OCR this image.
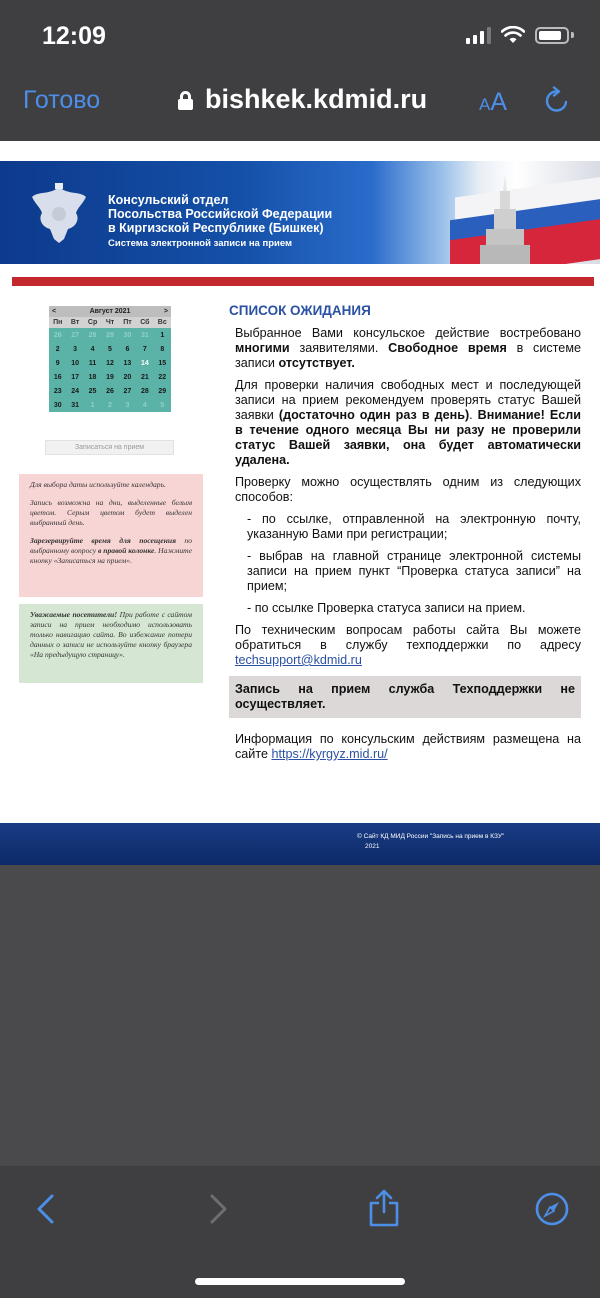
12:09
Готово	bishkek.kdmid.ru	AA
Консульский отдел
Посольства Российской Федерации
в Киргизской Республике (Бишкек)
Система электронной записи на прием
<	Август 2021	>
Пн	Вт	Ср	Чт	Пт	Сб	Вс
26	27	28	29	30	31	1
2	3	4	5	6	7	8
9	10	11	12	13	14	15
16	17	18	19	20	21	22
23	24	25	26	27	28	29
30	31	1	2	3	4	5
Записаться на прием

Для выбора даты используйте календарь.

Запись возможна на дни, выделенные белым цветом. Серым цветом будет выделен выбранный день.

Зарезервируйте время для посещения по выбранному вопросу в правой колонке. Нажмите кнопку «Записаться на прием».

Уважаемые посетители! При работе с сайтом записи на прием необходимо использовать только навигацию сайта. Во избежание потери данных о записи не используйте кнопку браузера «На предыдущую страницу».

СПИСОК ОЖИДАНИЯ

Выбранное Вами консульское действие востребовано многими заявителями. Свободное время в системе записи отсутствует.

Для проверки наличия свободных мест и последующей записи на прием рекомендуем проверять статус Вашей заявки (достаточно один раз в день). Внимание! Если в течение одного месяца Вы ни разу не проверили статус Вашей заявки, она будет автоматически удалена.

Проверку можно осуществлять одним из следующих способов:

- по ссылке, отправленной на электронную почту, указанную Вами при регистрации;

- выбрав на главной странице электронной системы записи на прием пункт “Проверка статуса записи” на прием;

- по ссылке Проверка статуса записи на прием.

По техническим вопросам работы сайта Вы можете обратиться в службу техподдержки по адресу techsupport@kdmid.ru

Запись на прием служба Техподдержки не осуществляет.

Информация по консульским действиям размещена на сайте https://kyrgyz.mid.ru/

© Сайт КД МИД России "Запись на прием в КЗУ"
2021
